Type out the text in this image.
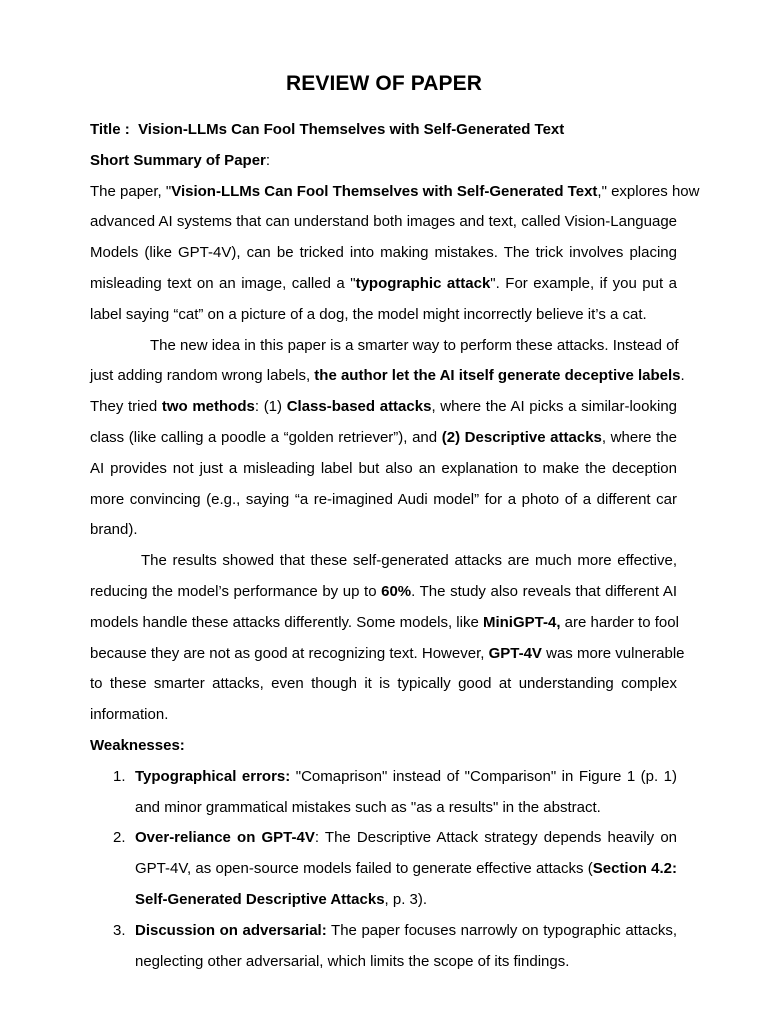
REVIEW OF PAPER
Title : Vision-LLMs Can Fool Themselves with Self-Generated Text
Short Summary of Paper:
The paper, "Vision-LLMs Can Fool Themselves with Self-Generated Text," explores how
advanced AI systems that can understand both images and text, called Vision-Language
Models (like GPT-4V), can be tricked into making mistakes. The trick involves placing
misleading text on an image, called a "typographic attack". For example, if you put a
label saying “cat” on a picture of a dog, the model might incorrectly believe it’s a cat.
The new idea in this paper is a smarter way to perform these attacks. Instead of
just adding random wrong labels, the author let the AI itself generate deceptive labels.
They tried two methods: (1) Class-based attacks, where the AI picks a similar-looking
class (like calling a poodle a “golden retriever”), and (2) Descriptive attacks, where the
AI provides not just a misleading label but also an explanation to make the deception
more convincing (e.g., saying “a re-imagined Audi model” for a photo of a different car
brand).
The results showed that these self-generated attacks are much more effective,
reducing the model’s performance by up to 60%. The study also reveals that different AI
models handle these attacks differently. Some models, like MiniGPT-4, are harder to fool
because they are not as good at recognizing text. However, GPT-4V was more vulnerable
to these smarter attacks, even though it is typically good at understanding complex
information.
Weaknesses:
1. Typographical errors: "Comaprison" instead of "Comparison" in Figure 1 (p. 1)
and minor grammatical mistakes such as "as a results" in the abstract.
2. Over-reliance on GPT-4V: The Descriptive Attack strategy depends heavily on
GPT-4V, as open-source models failed to generate effective attacks (Section 4.2:
Self-Generated Descriptive Attacks, p. 3).
3. Discussion on adversarial: The paper focuses narrowly on typographic attacks,
neglecting other adversarial, which limits the scope of its findings.
